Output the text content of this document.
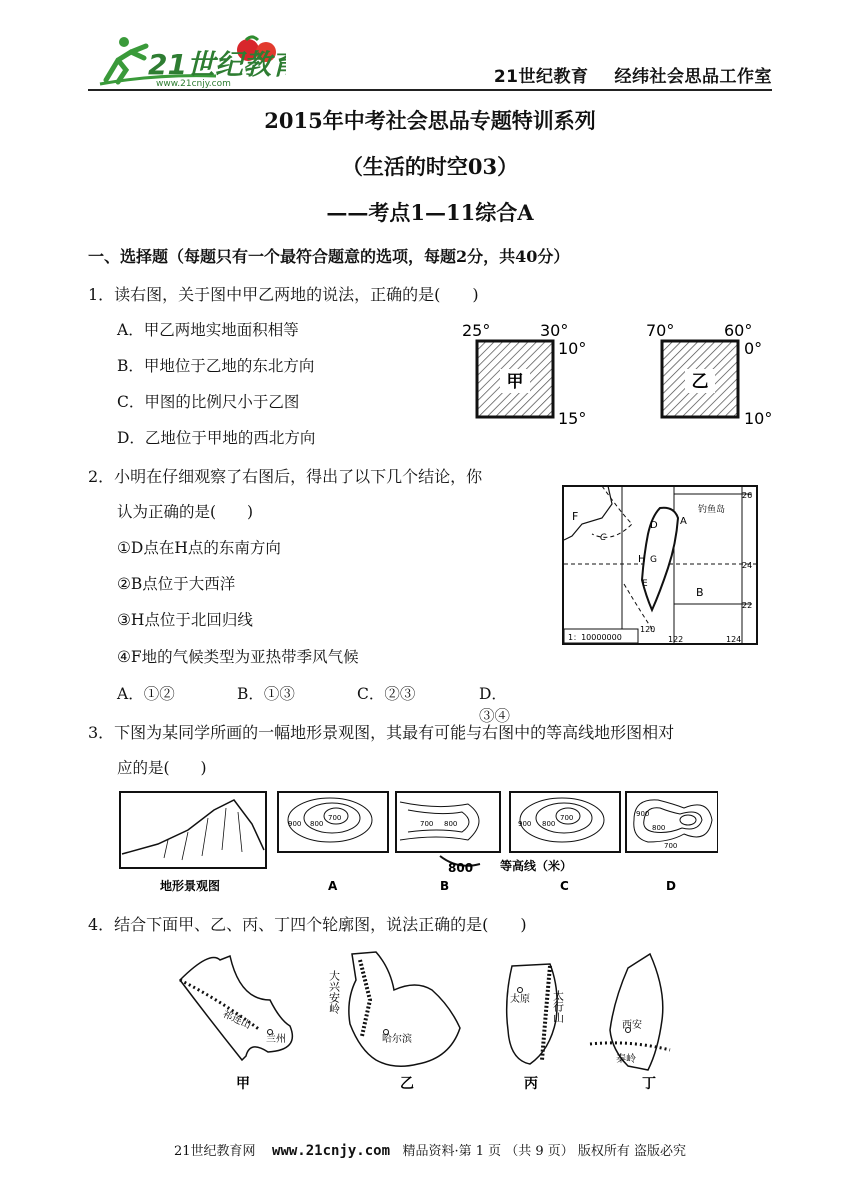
21世纪教育
www.21cnjy.com	21世纪教育 经纬社会思品工作室
2015年中考社会思品专题特训系列
（生活的时空03）
——考点1—11综合A
一、选择题（每题只有一个最符合题意的选项，每题2分，共40分）
1．读右图，关于图中甲乙两地的说法，正确的是(　　)
A．甲乙两地实地面积相等
B．甲地位于乙地的东北方向
C．甲图的比例尺小于乙图
D．乙地位于甲地的西北方向
甲
25°	30°
10°
15°
乙
70°	60°
0°
10°
2．小明在仔细观察了右图后，得出了以下几个结论，你
认为正确的是(　　)
①D点在H点的东南方向
②B点位于大西洋
③H点位于北回归线
④F地的气候类型为亚热带季风气候
A．①②	B．①③	C．②③	D．③④
26
24
22
120
122	124
钓鱼岛
1：10000000
F
C
D A
H G
E
B
3．下图为某同学所画的一幅地形景观图，其最有可能与右图中的等高线地形图相对
应的是(　　)
地形景观图
900 800
700
A
700 800
B
900 800
700
C
900
800
700
D
800 等高线（米）
4．结合下面甲、乙、丙、丁四个轮廓图，说法正确的是(　　)
祁连山
兰州
甲
大兴安岭
哈尔滨
乙
太原 太行山
丙
西安
秦岭
丁
21世纪教育网 www.21cnjy.com 精品资料·第 1 页 （共 9 页） 版权所有 盗版必究
